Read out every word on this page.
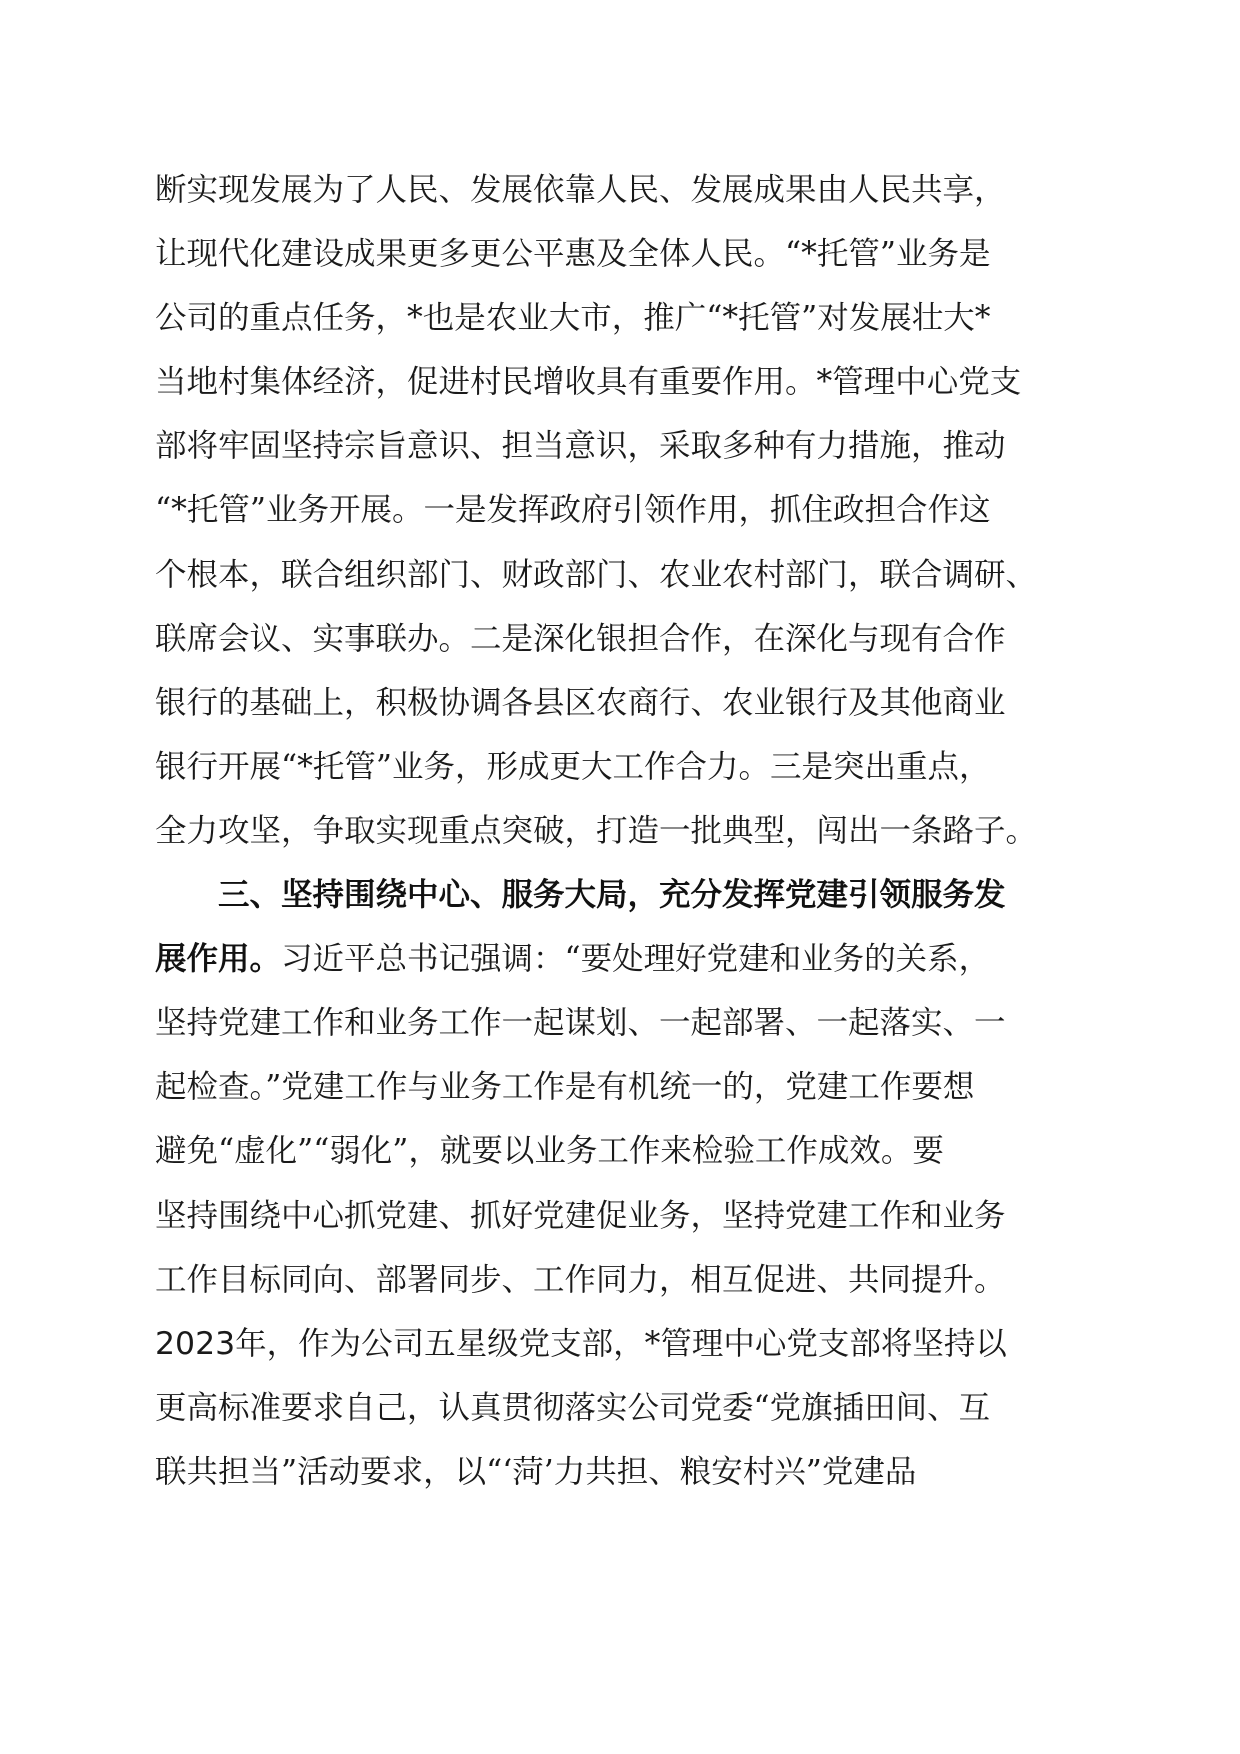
断实现发展为了人民、发展依靠人民、发展成果由人民共享，
让现代化建设成果更多更公平惠及全体人民。“*托管”业务是
公司的重点任务，*也是农业大市，推广“*托管”对发展壮大*
当地村集体经济，促进村民增收具有重要作用。*管理中心党支
部将牢固坚持宗旨意识、担当意识，采取多种有力措施，推动
“*托管”业务开展。一是发挥政府引领作用，抓住政担合作这
个根本，联合组织部门、财政部门、农业农村部门，联合调研、
联席会议、实事联办。二是深化银担合作，在深化与现有合作
银行的基础上，积极协调各县区农商行、农业银行及其他商业
银行开展“*托管”业务，形成更大工作合力。三是突出重点，
全力攻坚，争取实现重点突破，打造一批典型，闯出一条路子。
三、坚持围绕中心、服务大局，充分发挥党建引领服务发
展作用。习近平总书记强调：“要处理好党建和业务的关系，
坚持党建工作和业务工作一起谋划、一起部署、一起落实、一
起检查。”党建工作与业务工作是有机统一的，党建工作要想
避免“虚化”“弱化”，就要以业务工作来检验工作成效。要
坚持围绕中心抓党建、抓好党建促业务，坚持党建工作和业务
工作目标同向、部署同步、工作同力，相互促进、共同提升。
2023年，作为公司五星级党支部，*管理中心党支部将坚持以
更高标准要求自己，认真贯彻落实公司党委“党旗插田间、互
联共担当”活动要求，以“‘菏’力共担、粮安村兴”党建品
